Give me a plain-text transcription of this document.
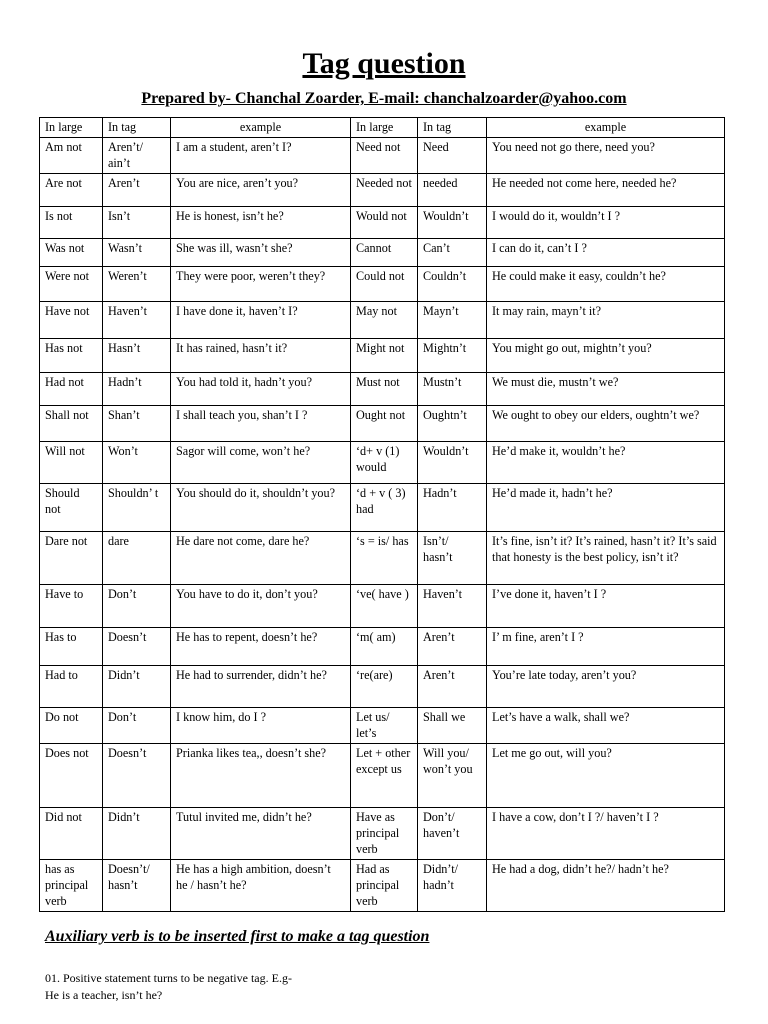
Tag question
Prepared by- Chanchal Zoarder, E-mail: chanchalzoarder@yahoo.com
In large	In tag	example	In large	In tag	example
Am not	Aren’t/ ain’t	I am a student, aren’t I?	Need not	Need	You need not go there, need you?
Are not	Aren’t	You are nice, aren’t you?	Needed not	needed	He needed not come here, needed he?
Is not	Isn’t	He is honest, isn’t he?	Would not	Wouldn’t	I would do it, wouldn’t I ?
Was not	Wasn’t	She was ill, wasn’t she?	Cannot	Can’t	I can do it, can’t I ?
Were not	Weren’t	They were poor, weren’t they?	Could not	Couldn’t	He could make it easy, couldn’t he?
Have not	Haven’t	I have done it, haven’t I?	May not	Mayn’t	It may rain, mayn’t it?
Has not	Hasn’t	It has rained, hasn’t it?	Might not	Mightn’t	You might go out, mightn’t you?
Had not	Hadn’t	You had told it, hadn’t you?	Must not	Mustn’t	We must die, mustn’t we?
Shall not	Shan’t	I shall teach you, shan’t I ?	Ought not	Oughtn’t	We ought to obey our elders, oughtn’t we?
Will not	Won’t	Sagor will come, won’t he?	‘d+ v (1) would	Wouldn’t	He’d make it, wouldn’t he?
Should not	Shouldn’ t	You should do it, shouldn’t you?	‘d + v ( 3) had	Hadn’t	He’d made it, hadn’t he?
Dare not	dare	He dare not come, dare he?	‘s = is/ has	Isn’t/ hasn’t	It’s fine, isn’t it? It’s rained, hasn’t it? It’s said that honesty is the best policy, isn’t it?
Have to	Don’t	You have to do it, don’t you?	‘ve( have )	Haven’t	I’ve done it, haven’t I ?
Has to	Doesn’t	He has to repent, doesn’t he?	‘m( am)	Aren’t	I’ m fine, aren’t I ?
Had to	Didn’t	He had to surrender, didn’t he?	‘re(are)	Aren’t	You’re late today, aren’t you?
Do not	Don’t	I know him, do I ?	Let us/ let’s	Shall we	Let’s have a walk, shall we?
Does not	Doesn’t	Prianka likes tea,, doesn’t she?	Let + other except us	Will you/ won’t you	Let me go out, will you?
Did not	Didn’t	Tutul invited me, didn’t he?	Have as principal verb	Don’t/ haven’t	I have a cow, don’t I ?/ haven’t I ?
has as principal verb	Doesn’t/ hasn’t	He has a high ambition, doesn’t he / hasn’t he?	Had as principal verb	Didn’t/ hadn’t	He had a dog, didn’t he?/ hadn’t he?
Auxiliary verb is to be inserted first to make a tag question
01. Positive statement turns to be negative tag. E.g-
He is a teacher, isn’t he?
